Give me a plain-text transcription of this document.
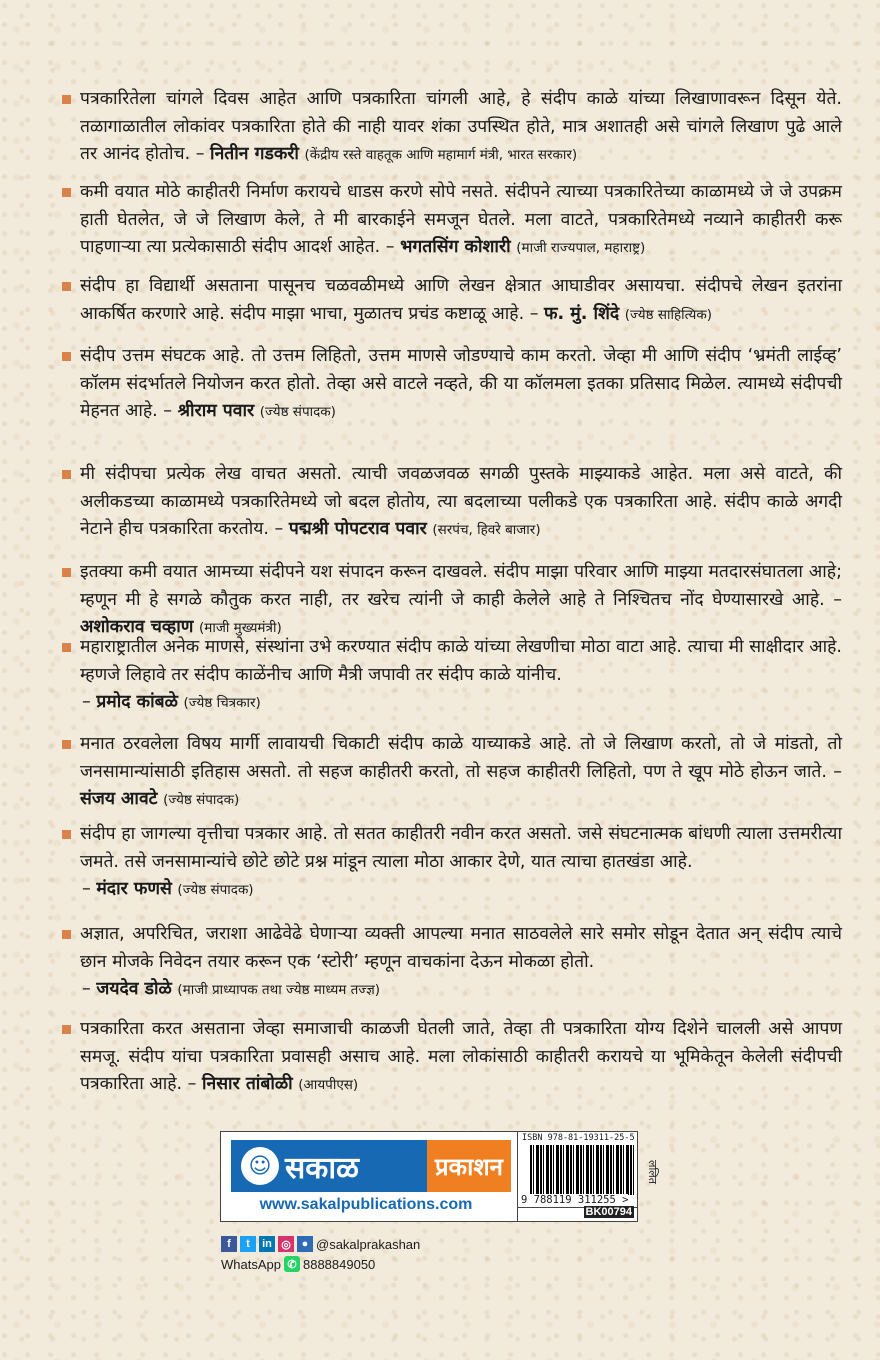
पत्रकारितेला चांगले दिवस आहेत आणि पत्रकारिता चांगली आहे, हे संदीप काळे यांच्या लिखाणावरून दिसून येते. तळागाळातील लोकांवर पत्रकारिता होते की नाही यावर शंका उपस्थित होते, मात्र अशातही असे चांगले लिखाण पुढे आले तर आनंद होतोच. – नितीन गडकरी (केंद्रीय रस्ते वाहतूक आणि महामार्ग मंत्री, भारत सरकार)
कमी वयात मोठे काहीतरी निर्माण करायचे धाडस करणे सोपे नसते. संदीपने त्याच्या पत्रकारितेच्या काळामध्ये जे जे उपक्रम हाती घेतलेत, जे जे लिखाण केले, ते मी बारकाईने समजून घेतले. मला वाटते, पत्रकारितेमध्ये नव्याने काहीतरी करू पाहणाऱ्या त्या प्रत्येकासाठी संदीप आदर्श आहेत. – भगतसिंग कोशारी (माजी राज्यपाल, महाराष्ट्र)
संदीप हा विद्यार्थी असताना पासूनच चळवळीमध्ये आणि लेखन क्षेत्रात आघाडीवर असायचा. संदीपचे लेखन इतरांना आकर्षित करणारे आहे. संदीप माझा भाचा, मुळातच प्रचंड कष्टाळू आहे. – फ. मुं. शिंदे (ज्येष्ठ साहित्यिक)
संदीप उत्तम संघटक आहे. तो उत्तम लिहितो, उत्तम माणसे जोडण्याचे काम करतो. जेव्हा मी आणि संदीप ‘भ्रमंती लाईव्ह’ कॉलम संदर्भातले नियोजन करत होतो. तेव्हा असे वाटले नव्हते, की या कॉलमला इतका प्रतिसाद मिळेल. त्यामध्ये संदीपची मेहनत आहे. – श्रीराम पवार (ज्येष्ठ संपादक)
मी संदीपचा प्रत्येक लेख वाचत असतो. त्याची जवळजवळ सगळी पुस्तके माझ्याकडे आहेत. मला असे वाटते, की अलीकडच्या काळामध्ये पत्रकारितेमध्ये जो बदल होतोय, त्या बदलाच्या पलीकडे एक पत्रकारिता आहे. संदीप काळे अगदी नेटाने हीच पत्रकारिता करतोय. – पद्मश्री पोपटराव पवार (सरपंच, हिवरे बाजार)
इतक्या कमी वयात आमच्या संदीपने यश संपादन करून दाखवले. संदीप माझा परिवार आणि माझ्या मतदारसंघातला आहे; म्हणून मी हे सगळे कौतुक करत नाही, तर खरेच त्यांनी जे काही केलेले आहे ते निश्चितच नोंद घेण्यासारखे आहे. – अशोकराव चव्हाण (माजी मुख्यमंत्री)
महाराष्ट्रातील अनेक माणसे, संस्थांना उभे करण्यात संदीप काळे यांच्या लेखणीचा मोठा वाटा आहे. त्याचा मी साक्षीदार आहे. म्हणजे लिहावे तर संदीप काळेंनीच आणि मैत्री जपावी तर संदीप काळे यांनीच.
– प्रमोद कांबळे (ज्येष्ठ चित्रकार)
मनात ठरवलेला विषय मार्गी लावायची चिकाटी संदीप काळे याच्याकडे आहे. तो जे लिखाण करतो, तो जे मांडतो, तो जनसामान्यांसाठी इतिहास असतो. तो सहज काहीतरी करतो, तो सहज काहीतरी लिहितो, पण ते खूप मोठे होऊन जाते. – संजय आवटे (ज्येष्ठ संपादक)
संदीप हा जागल्या वृत्तीचा पत्रकार आहे. तो सतत काहीतरी नवीन करत असतो. जसे संघटनात्मक बांधणी त्याला उत्तमरीत्या जमते. तसे जनसामान्यांचे छोटे छोटे प्रश्न मांडून त्याला मोठा आकार देणे, यात त्याचा हातखंडा आहे.
– मंदार फणसे (ज्येष्ठ संपादक)
अज्ञात, अपरिचित, जराशा आढेवेढे घेणाऱ्या व्यक्ती आपल्या मनात साठवलेले सारे समोर सोडून देतात अन् संदीप त्याचे छान मोजके निवेदन तयार करून एक ‘स्टोरी’ म्हणून वाचकांना देऊन मोकळा होतो.
– जयदेव डोळे (माजी प्राध्यापक तथा ज्येष्ठ माध्यम तज्ज्ञ)
पत्रकारिता करत असताना जेव्हा समाजाची काळजी घेतली जाते, तेव्हा ती पत्रकारिता योग्य दिशेने चालली असे आपण समजू. संदीप यांचा पत्रकारिता प्रवासही असाच आहे. मला लोकांसाठी काहीतरी करायचे या भूमिकेतून केलेली संदीपची पत्रकारिता आहे. – निसार तांबोळी (आयपीएस)
☺ सकाळ	प्रकाशन
www.sakalpublications.com
ISBN 978-81-19311-25-5
9 788119 311255 >
BK00794
ललित
f	t	in ◎ ● @sakalprakashan
WhatsApp ✆ 8888849050
